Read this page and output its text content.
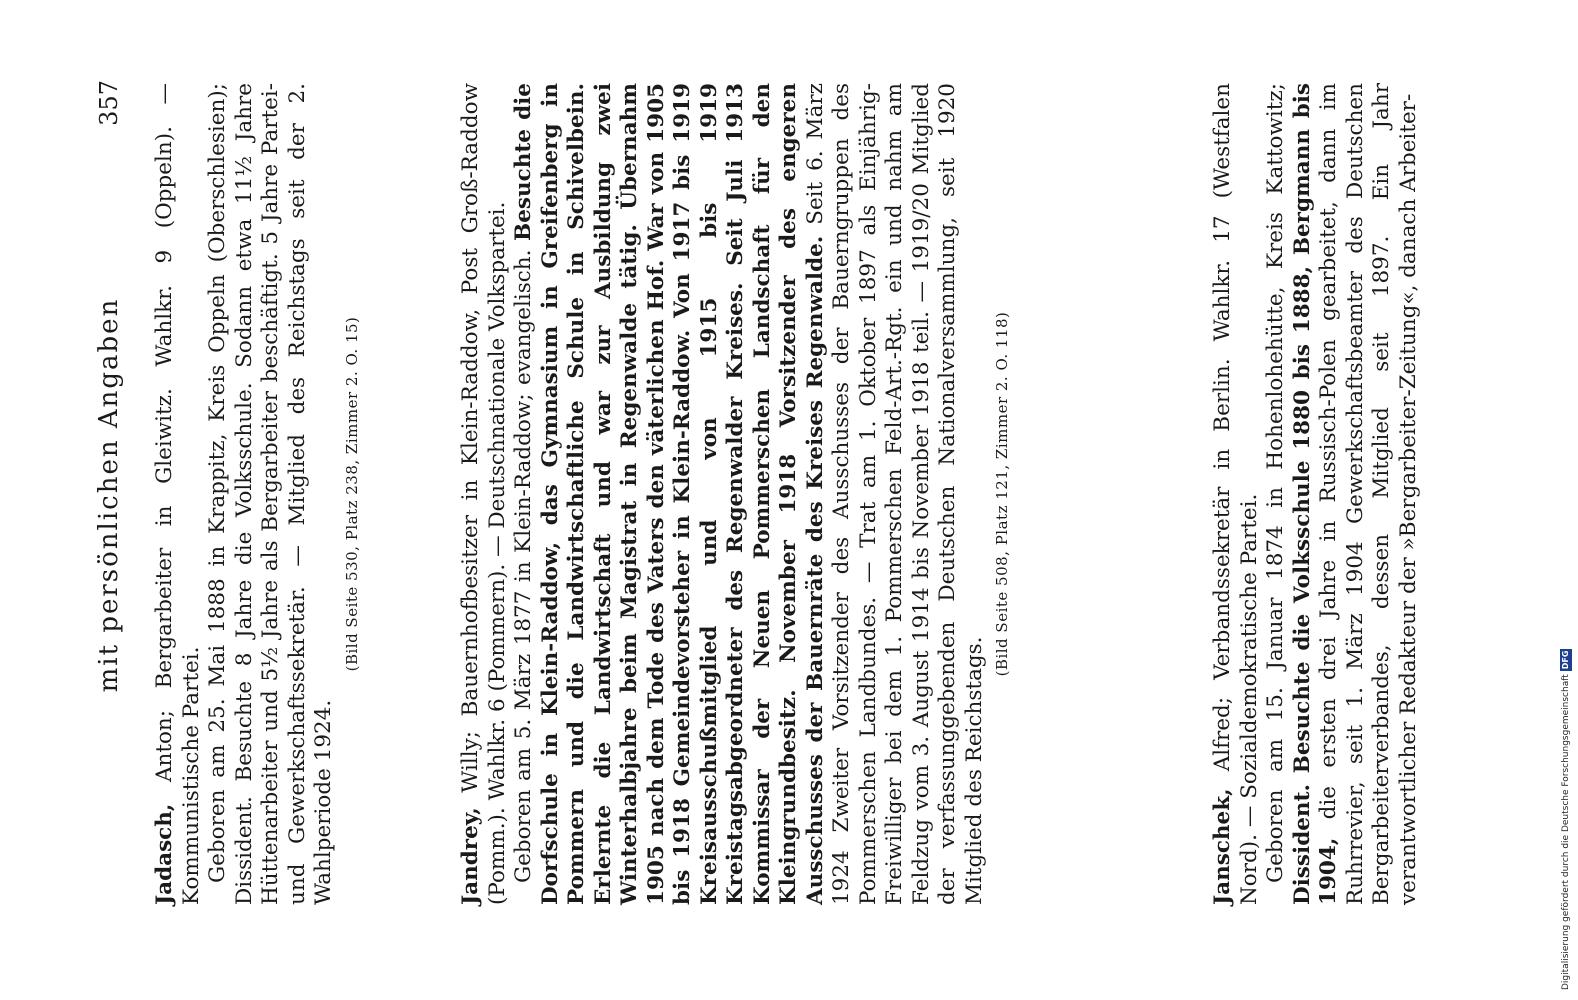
mit persönlichen Angaben
357

Jadasch, Anton; Bergarbeiter in Gleiwitz. Wahlkr. 9 (Oppeln). — Kommunistische Partei. Geboren am 25. Mai 1888 in Krappitz, Kreis Oppeln (Oberschlesien); Dissident. Besuchte 8 Jahre die Volksschule. Sodann etwa 11½ Jahre Hüttenarbeiter und 5½ Jahre als Bergarbeiter beschäftigt. 5 Jahre Partei- und Gewerkschaftssekretär. — Mitglied des Reichstags seit der 2. Wahlperiode 1924.

(Bild Seite 530, Platz 238, Zimmer 2. O. 15)

Jandrey, Willy; Bauernhofbesitzer in Klein-Raddow, Post Groß-Raddow (Pomm.). Wahlkr. 6 (Pommern). — Deutschnationale Volkspartei. Geboren am 5. März 1877 in Klein-Raddow; evangelisch. Besuchte die Dorfschule in Klein-Raddow, das Gymnasium in Greifenberg in Pommern und die Landwirtschaftliche Schule in Schivelbein. Erlernte die Landwirtschaft und war zur Ausbildung zwei Winterhalbjahre beim Magistrat in Regenwalde tätig. Übernahm 1905 nach dem Tode des Vaters den väterlichen Hof. War von 1905 bis 1918 Gemeindevorsteher in Klein-Raddow. Von 1917 bis 1919 Kreisausschußmitglied und von 1915 bis 1919 Kreistagsabgeordneter des Regenwalder Kreises. Seit Juli 1913 Kommissar der Neuen Pommerschen Landschaft für den Kleingrundbesitz. November 1918 Vorsitzender des engeren Ausschusses der Bauernräte des Kreises Regenwalde. Seit 6. März 1924 Zweiter Vorsitzender des Ausschusses der Bauerngruppen des Pommerschen Landbundes. — Trat am 1. Oktober 1897 als Einjährig-Freiwilliger bei dem 1. Pommerschen Feld-Art.-Rgt. ein und nahm am Feldzug vom 3. August 1914 bis November 1918 teil. — 1919/20 Mitglied der verfassunggebenden Deutschen Nationalversammlung, seit 1920 Mitglied des Reichstags.

(Bild Seite 508, Platz 121, Zimmer 2. O. 118)

Janschek, Alfred; Verbandssekretär in Berlin. Wahlkr. 17 (Westfalen Nord). — Sozialdemokratische Partei. Geboren am 15. Januar 1874 in Hohenlohehütte, Kreis Kattowitz; Dissident. Besuchte die Volksschule 1880 bis 1888, Bergmann bis 1904, die ersten drei Jahre in Russisch-Polen gearbeitet, dann im Ruhrrevier, seit 1. März 1904 Gewerkschaftsbeamter des Deutschen Bergarbeiterverbandes, dessen Mitglied seit 1897. Ein Jahr verantwortlicher Redakteur der »Bergarbeiter-Zeitung«, danach Arbeiter-	Digitalisierung gefördert durch die Deutsche ForschungsgemeinschaftDFG
